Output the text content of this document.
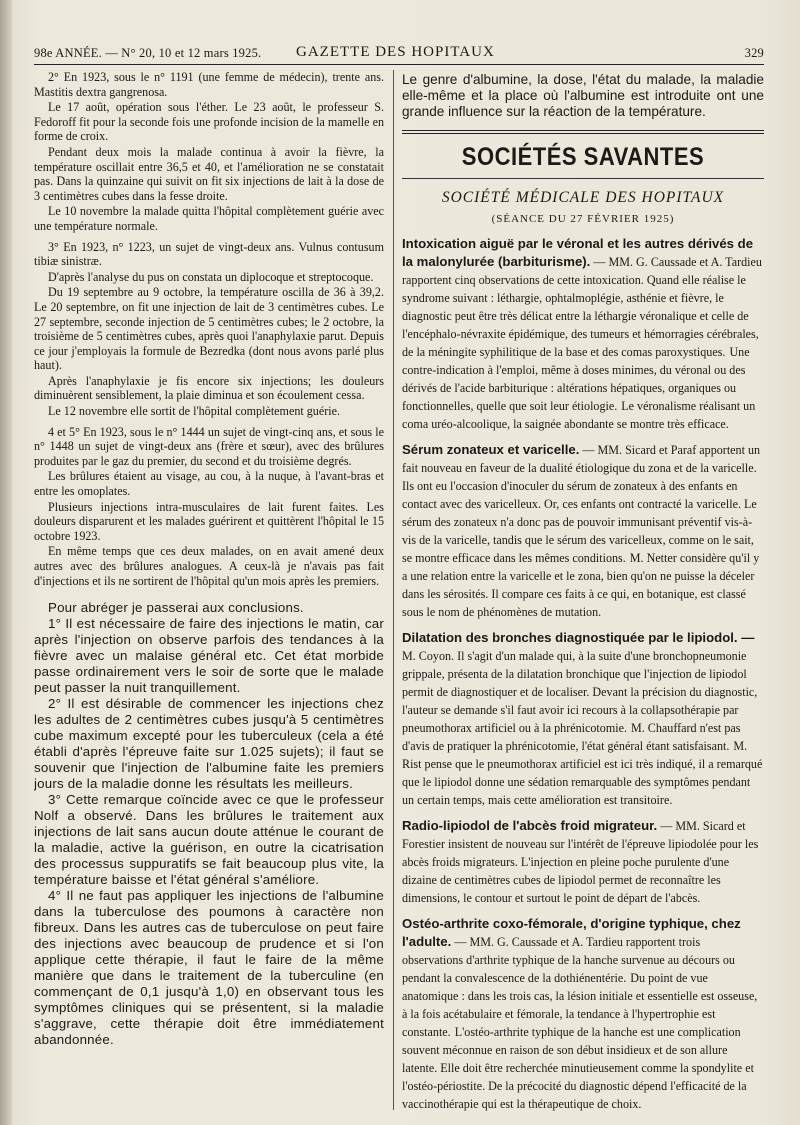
98e ANNÉE. — N° 20, 10 et 12 mars 1925. GAZETTE DES HOPITAUX	329

2° En 1923, sous le n° 1191 (une femme de médecin), trente ans. Mastitis dextra gangrenosa.

Le 17 août, opération sous l'éther. Le 23 août, le professeur S. Fedoroff fit pour la seconde fois une profonde incision de la mamelle en forme de croix.

Pendant deux mois la malade continua à avoir la fièvre, la température oscillait entre 36,5 et 40, et l'amélioration ne se constatait pas. Dans la quinzaine qui suivit on fit six injections de lait à la dose de 3 centimètres cubes dans la fesse droite.

Le 10 novembre la malade quitta l'hôpital complètement guérie avec une température normale.

3° En 1923, n° 1223, un sujet de vingt-deux ans. Vulnus contusum tibiæ sinistræ.

D'après l'analyse du pus on constata un diplocoque et streptocoque.

Du 19 septembre au 9 octobre, la température oscilla de 36 à 39,2. Le 20 septembre, on fit une injection de lait de 3 centimètres cubes. Le 27 septembre, seconde injection de 5 centimètres cubes; le 2 octobre, la troisième de 5 centimètres cubes, après quoi l'anaphylaxie parut. Depuis ce jour j'employais la formule de Bezredka (dont nous avons parlé plus haut).

Après l'anaphylaxie je fis encore six injections; les douleurs diminuèrent sensiblement, la plaie diminua et son écoulement cessa.

Le 12 novembre elle sortit de l'hôpital complètement guérie.

4 et 5° En 1923, sous le n° 1444 un sujet de vingt-cinq ans, et sous le n° 1448 un sujet de vingt-deux ans (frère et sœur), avec des brûlures produites par le gaz du premier, du second et du troisième degrés.

Les brûlures étaient au visage, au cou, à la nuque, à l'avant-bras et entre les omoplates.

Plusieurs injections intra-musculaires de lait furent faites. Les douleurs disparurent et les malades guérirent et quittèrent l'hôpital le 15 octobre 1923.

En même temps que ces deux malades, on en avait amené deux autres avec des brûlures analogues. A ceux-là je n'avais pas fait d'injections et ils ne sortirent de l'hôpital qu'un mois après les premiers.

Pour abréger je passerai aux conclusions.

1° Il est nécessaire de faire des injections le matin, car après l'injection on observe parfois des tendances à la fièvre avec un malaise général etc. Cet état morbide passe ordinairement vers le soir de sorte que le malade peut passer la nuit tranquillement.

2° Il est désirable de commencer les injections chez les adultes de 2 centimètres cubes jusqu'à 5 centimètres cube maximum excepté pour les tuberculeux (cela a été établi d'après l'épreuve faite sur 1.025 sujets); il faut se souvenir que l'injection de l'albumine faite les premiers jours de la maladie donne les résultats les meilleurs.

3° Cette remarque coïncide avec ce que le professeur Nolf a observé. Dans les brûlures le traitement aux injections de lait sans aucun doute atténue le courant de la maladie, active la guérison, en outre la cicatrisation des processus suppuratifs se fait beaucoup plus vite, la température baisse et l'état général s'améliore.

4° Il ne faut pas appliquer les injections de l'albumine dans la tuberculose des poumons à caractère non fibreux. Dans les autres cas de tuberculose on peut faire des injections avec beaucoup de prudence et si l'on applique cette thérapie, il faut le faire de la même manière que dans le traitement de la tuberculine (en commençant de 0,1 jusqu'à 1,0) en observant tous les symptômes cliniques qui se présentent, si la maladie s'aggrave, cette thérapie doit être immédiatement abandonnée.

Le genre d'albumine, la dose, l'état du malade, la maladie elle-même et la place où l'albumine est introduite ont une grande influence sur la réaction de la température.

SOCIÉTÉS SAVANTES
SOCIÉTÉ MÉDICALE DES HOPITAUX
(SÉANCE DU 27 FÉVRIER 1925)

Intoxication aiguë par le véronal et les autres dérivés de la malonylurée (barbiturisme). — MM. G. Caussade et A. Tardieu rapportent cinq observations de cette intoxication. Quand elle réalise le syndrome suivant : léthargie, ophtalmoplégie, asthénie et fièvre, le diagnostic peut être très délicat entre la léthargie véronalique et celle de l'encéphalo-névraxite épidémique, des tumeurs et hémorragies cérébrales, de la méningite syphilitique de la base et des comas paroxystiques.

Une contre-indication à l'emploi, même à doses minimes, du véronal ou des dérivés de l'acide barbiturique : altérations hépatiques, organiques ou fonctionnelles, quelle que soit leur étiologie.

Le véronalisme réalisant un coma uréo-alcoolique, la saignée abondante se montre très efficace.

Sérum zonateux et varicelle. — MM. Sicard et Paraf apportent un fait nouveau en faveur de la dualité étiologique du zona et de la varicelle. Ils ont eu l'occasion d'inoculer du sérum de zonateux à des enfants en contact avec des varicelleux. Or, ces enfants ont contracté la varicelle. Le sérum des zonateux n'a donc pas de pouvoir immunisant préventif vis-à-vis de la varicelle, tandis que le sérum des varicelleux, comme on le sait, se montre efficace dans les mêmes conditions.

M. Netter considère qu'il y a une relation entre la varicelle et le zona, bien qu'on ne puisse la déceler dans les sérosités. Il compare ces faits à ce qui, en botanique, est classé sous le nom de phénomènes de mutation.

Dilatation des bronches diagnostiquée par le lipiodol. — M. Coyon. Il s'agit d'un malade qui, à la suite d'une bronchopneumonie grippale, présenta de la dilatation bronchique que l'injection de lipiodol permit de diagnostiquer et de localiser. Devant la précision du diagnostic, l'auteur se demande s'il faut avoir ici recours à la collapsothérapie par pneumothorax artificiel ou à la phrénicotomie.

M. Chauffard n'est pas d'avis de pratiquer la phrénicotomie, l'état général étant satisfaisant.

M. Rist pense que le pneumothorax artificiel est ici très indiqué, il a remarqué que le lipiodol donne une sédation remarquable des symptômes pendant un certain temps, mais cette amélioration est transitoire.

Radio-lipiodol de l'abcès froid migrateur. — MM. Sicard et Forestier insistent de nouveau sur l'intérêt de l'épreuve lipiodolée pour les abcès froids migrateurs. L'injection en pleine poche purulente d'une dizaine de centimètres cubes de lipiodol permet de reconnaître les dimensions, le contour et surtout le point de départ de l'abcès.

Ostéo-arthrite coxo-fémorale, d'origine typhique, chez l'adulte. — MM. G. Caussade et A. Tardieu rapportent trois observations d'arthrite typhique de la hanche survenue au décours ou pendant la convalescence de la dothiénentérie.

Du point de vue anatomique : dans les trois cas, la lésion initiale et essentielle est osseuse, à la fois acétabulaire et fémorale, la tendance à l'hypertrophie est constante.

L'ostéo-arthrite typhique de la hanche est une complication souvent méconnue en raison de son début insidieux et de son allure latente. Elle doit être recherchée minutieusement comme la spondylite et l'ostéo-périostite. De la précocité du diagnostic dépend l'efficacité de la vaccinothérapie qui est la thérapeutique de choix.
